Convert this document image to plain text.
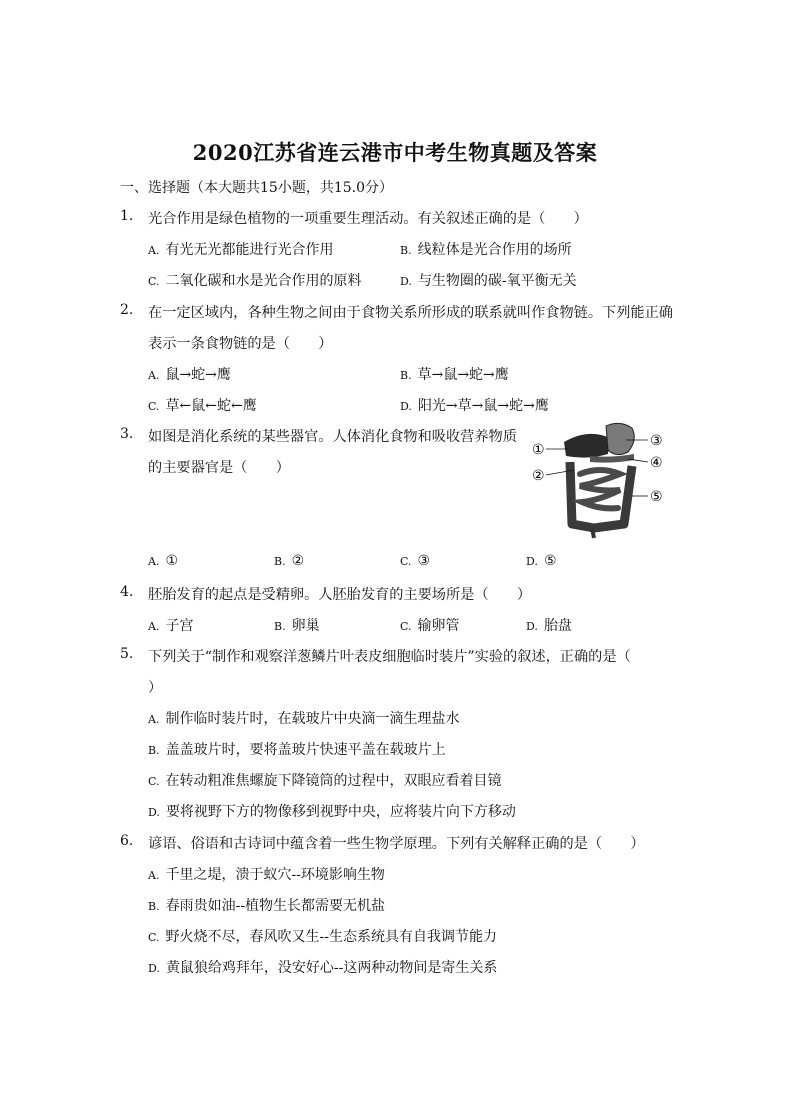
2020江苏省连云港市中考生物真题及答案
一、选择题（本大题共15小题，共15.0分）
1. 光合作用是绿色植物的一项重要生理活动。有关叙述正确的是（　　）
A. 有光无光都能进行光合作用	B. 线粒体是光合作用的场所
C. 二氧化碳和水是光合作用的原料	D. 与生物圈的碳-氧平衡无关
2. 在一定区域内，各种生物之间由于食物关系所形成的联系就叫作食物链。下列能正确
表示一条食物链的是（　　）
A. 鼠→蛇→鹰	B. 草→鼠→蛇→鹰
C. 草←鼠←蛇←鹰	D. 阳光→草→鼠→蛇→鹰
3. 如图是消化系统的某些器官。人体消化食物和吸收营养物质
的主要器官是（　　）
①
②
③
④
⑤
A. ①	B. ②	C. ③	D. ⑤
4. 胚胎发育的起点是受精卵。人胚胎发育的主要场所是（　　）
A. 子宫	B. 卵巢	C. 输卵管	D. 胎盘
5. 下列关于“制作和观察洋葱鳞片叶表皮细胞临时装片”实验的叙述，正确的是（
）
A. 制作临时装片时，在载玻片中央滴一滴生理盐水
B. 盖盖玻片时，要将盖玻片快速平盖在载玻片上
C. 在转动粗准焦螺旋下降镜筒的过程中，双眼应看着目镜
D. 要将视野下方的物像移到视野中央，应将装片向下方移动
6. 谚语、俗语和古诗词中蕴含着一些生物学原理。下列有关解释正确的是（　　）
A. 千里之堤，溃于蚁穴--环境影响生物
B. 春雨贵如油--植物生长都需要无机盐
C. 野火烧不尽，春风吹又生--生态系统具有自我调节能力
D. 黄鼠狼给鸡拜年，没安好心--这两种动物间是寄生关系
